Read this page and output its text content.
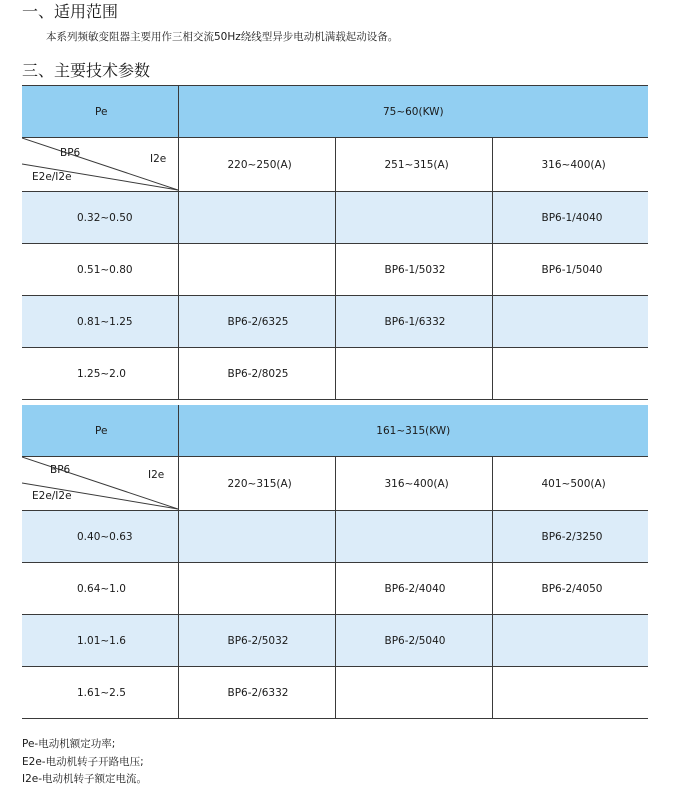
一、适用范围
本系列频敏变阻器主要用作三相交流50Hz绕线型异步电动机满载起动设备。
三、主要技术参数
Pe	75~60(KW)		

BP6 I2e
E2e/I2e	220~250(A)	251~315(A)	316~400(A)
0.32~0.50			BP6-1/4040
0.51~0.80		BP6-1/5032	BP6-1/5040
0.81~1.25	BP6-2/6325	BP6-1/6332	
1.25~2.0	BP6-2/8025		
Pe	161~315(KW)		

BP6 I2e
E2e/I2e	220~315(A)	316~400(A)	401~500(A)
0.40~0.63			BP6-2/3250
0.64~1.0		BP6-2/4040	BP6-2/4050
1.01~1.6	BP6-2/5032	BP6-2/5040	
1.61~2.5	BP6-2/6332		
Pe-电动机额定功率;
E2e-电动机转子开路电压;
I2e-电动机转子额定电流。
